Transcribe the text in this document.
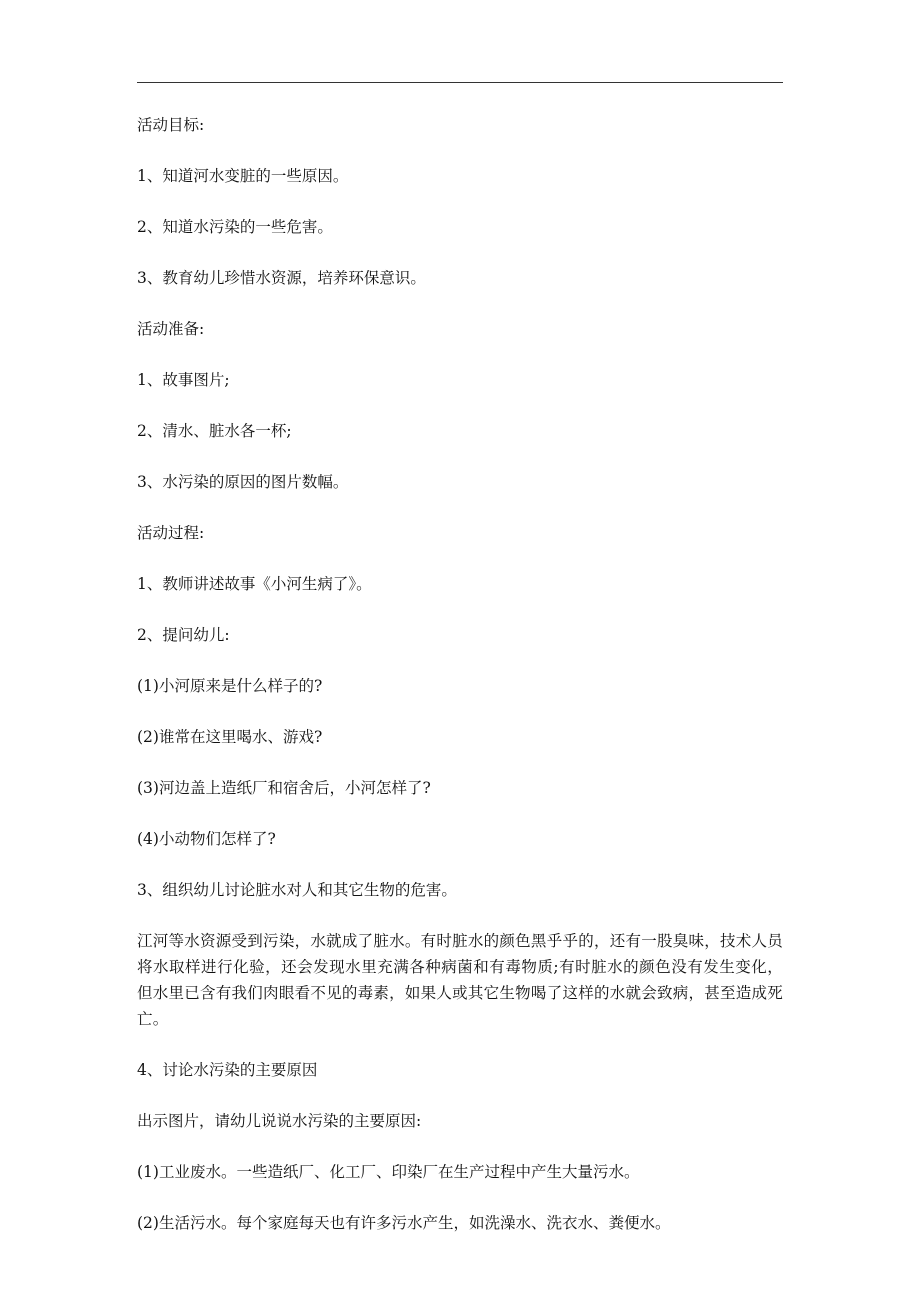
活动目标:
1、知道河水变脏的一些原因。
2、知道水污染的一些危害。
3、教育幼儿珍惜水资源，培养环保意识。
活动准备:
1、故事图片;
2、清水、脏水各一杯;
3、水污染的原因的图片数幅。
活动过程:
1、教师讲述故事《小河生病了》。
2、提问幼儿:
(1)小河原来是什么样子的?
(2)谁常在这里喝水、游戏?
(3)河边盖上造纸厂和宿舍后，小河怎样了?
(4)小动物们怎样了?
3、组织幼儿讨论脏水对人和其它生物的危害。
江河等水资源受到污染，水就成了脏水。有时脏水的颜色黑乎乎的，还有一股臭味，技术人员将水取样进行化验，还会发现水里充满各种病菌和有毒物质;有时脏水的颜色没有发生变化，但水里已含有我们肉眼看不见的毒素，如果人或其它生物喝了这样的水就会致病，甚至造成死亡。
4、讨论水污染的主要原因
出示图片，请幼儿说说水污染的主要原因:
(1)工业废水。一些造纸厂、化工厂、印染厂在生产过程中产生大量污水。
(2)生活污水。每个家庭每天也有许多污水产生，如洗澡水、洗衣水、粪便水。
